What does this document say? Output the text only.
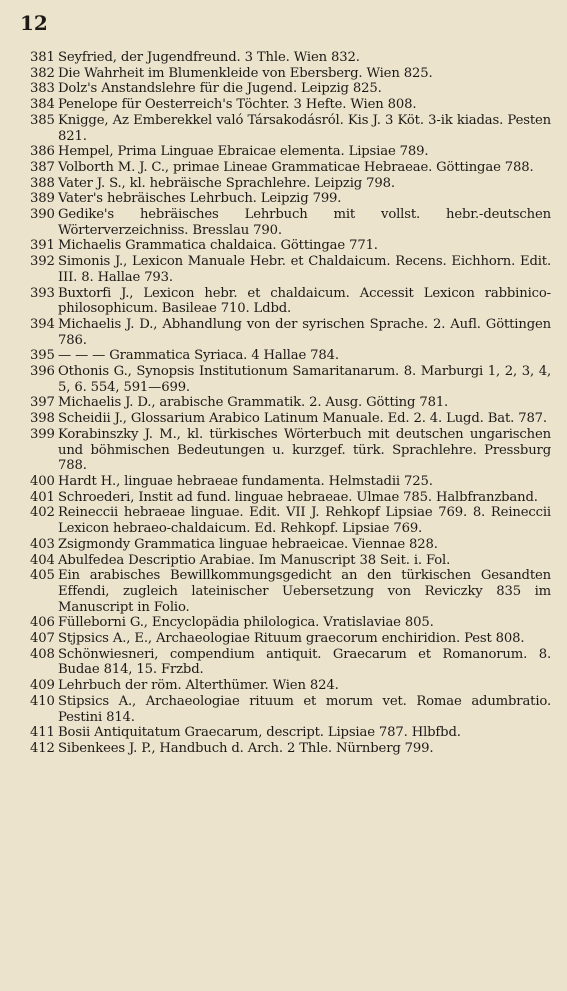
12
381 Seyfried, der Jugendfreund. 3 Thle. Wien 832.
382 Die Wahrheit im Blumenkleide von Ebersberg. Wien 825.
383 Dolz's Anstandslehre für die Jugend. Leipzig 825.
384 Penelope für Oesterreich's Töchter. 3 Hefte. Wien 808.
385 Knigge, Az Emberekkel való Társakodásról. Kis J. 3 Köt. 3-ik kiadas. Pesten 821.
386 Hempel, Prima Linguae Ebraicae elementa. Lipsiae 789.
387 Volborth M. J. C., primae Lineae Grammaticae Hebraeae. Göttingae 788.
388 Vater J. S., kl. hebräische Sprachlehre. Leipzig 798.
389 Vater's hebräisches Lehrbuch. Leipzig 799.
390 Gedike's hebräisches Lehrbuch mit vollst. hebr.-deutschen Wörterverzeichniss. Bresslau 790.
391 Michaelis Grammatica chaldaica. Göttingae 771.
392 Simonis J., Lexicon Manuale Hebr. et Chaldaicum. Recens. Eichhorn. Edit. III. 8. Hallae 793.
393 Buxtorfi J., Lexicon hebr. et chaldaicum. Accessit Lexicon rabbinico-philosophicum. Basileae 710. Ldbd.
394 Michaelis J. D., Abhandlung von der syrischen Sprache. 2. Aufl. Göttingen 786.
395 — — — Grammatica Syriaca. 4 Hallae 784.
396 Othonis G., Synopsis Institutionum Samaritanarum. 8. Marburgi 1, 2, 3, 4, 5, 6. 554, 591—699.
397 Michaelis J. D., arabische Grammatik. 2. Ausg. Götting 781.
398 Scheidii J., Glossarium Arabico Latinum Manuale. Ed. 2. 4. Lugd. Bat. 787.
399 Korabinszky J. M., kl. türkisches Wörterbuch mit deutschen ungarischen und böhmischen Bedeutungen u. kurzgef. türk. Sprachlehre. Pressburg 788.
400 Hardt H., linguae hebraeae fundamenta. Helmstadii 725.
401 Schroederi, Instit ad fund. linguae hebraeae. Ulmae 785. Halbfranzband.
402 Reineccii hebraeae linguae. Edit. VII J. Rehkopf Lipsiae 769. 8. Reineccii Lexicon hebraeo-chaldaicum. Ed. Rehkopf. Lipsiae 769.
403 Zsigmondy Grammatica linguae hebraeicae. Viennae 828.
404 Abulfedea Descriptio Arabiae. Im Manuscript 38 Seit. i. Fol.
405 Ein arabisches Bewillkommungsgedicht an den türkischen Gesandten Effendi, zugleich lateinischer Uebersetzung von Reviczky 835 im Manuscript in Folio.
406 Fülleborni G., Encyclopädia philologica. Vratislaviae 805.
407 Stjpsics A., E., Archaeologiae Rituum graecorum enchiridion. Pest 808.
408 Schönwiesneri, compendium antiquit. Graecarum et Romanorum. 8. Budae 814, 15. Frzbd.
409 Lehrbuch der röm. Alterthümer. Wien 824.
410 Stipsics A., Archaeologiae rituum et morum vet. Romae adumbratio. Pestini 814.
411 Bosii Antiquitatum Graecarum, descript. Lipsiae 787. Hlbfbd.
412 Sibenkees J. P., Handbuch d. Arch. 2 Thle. Nürnberg 799.
